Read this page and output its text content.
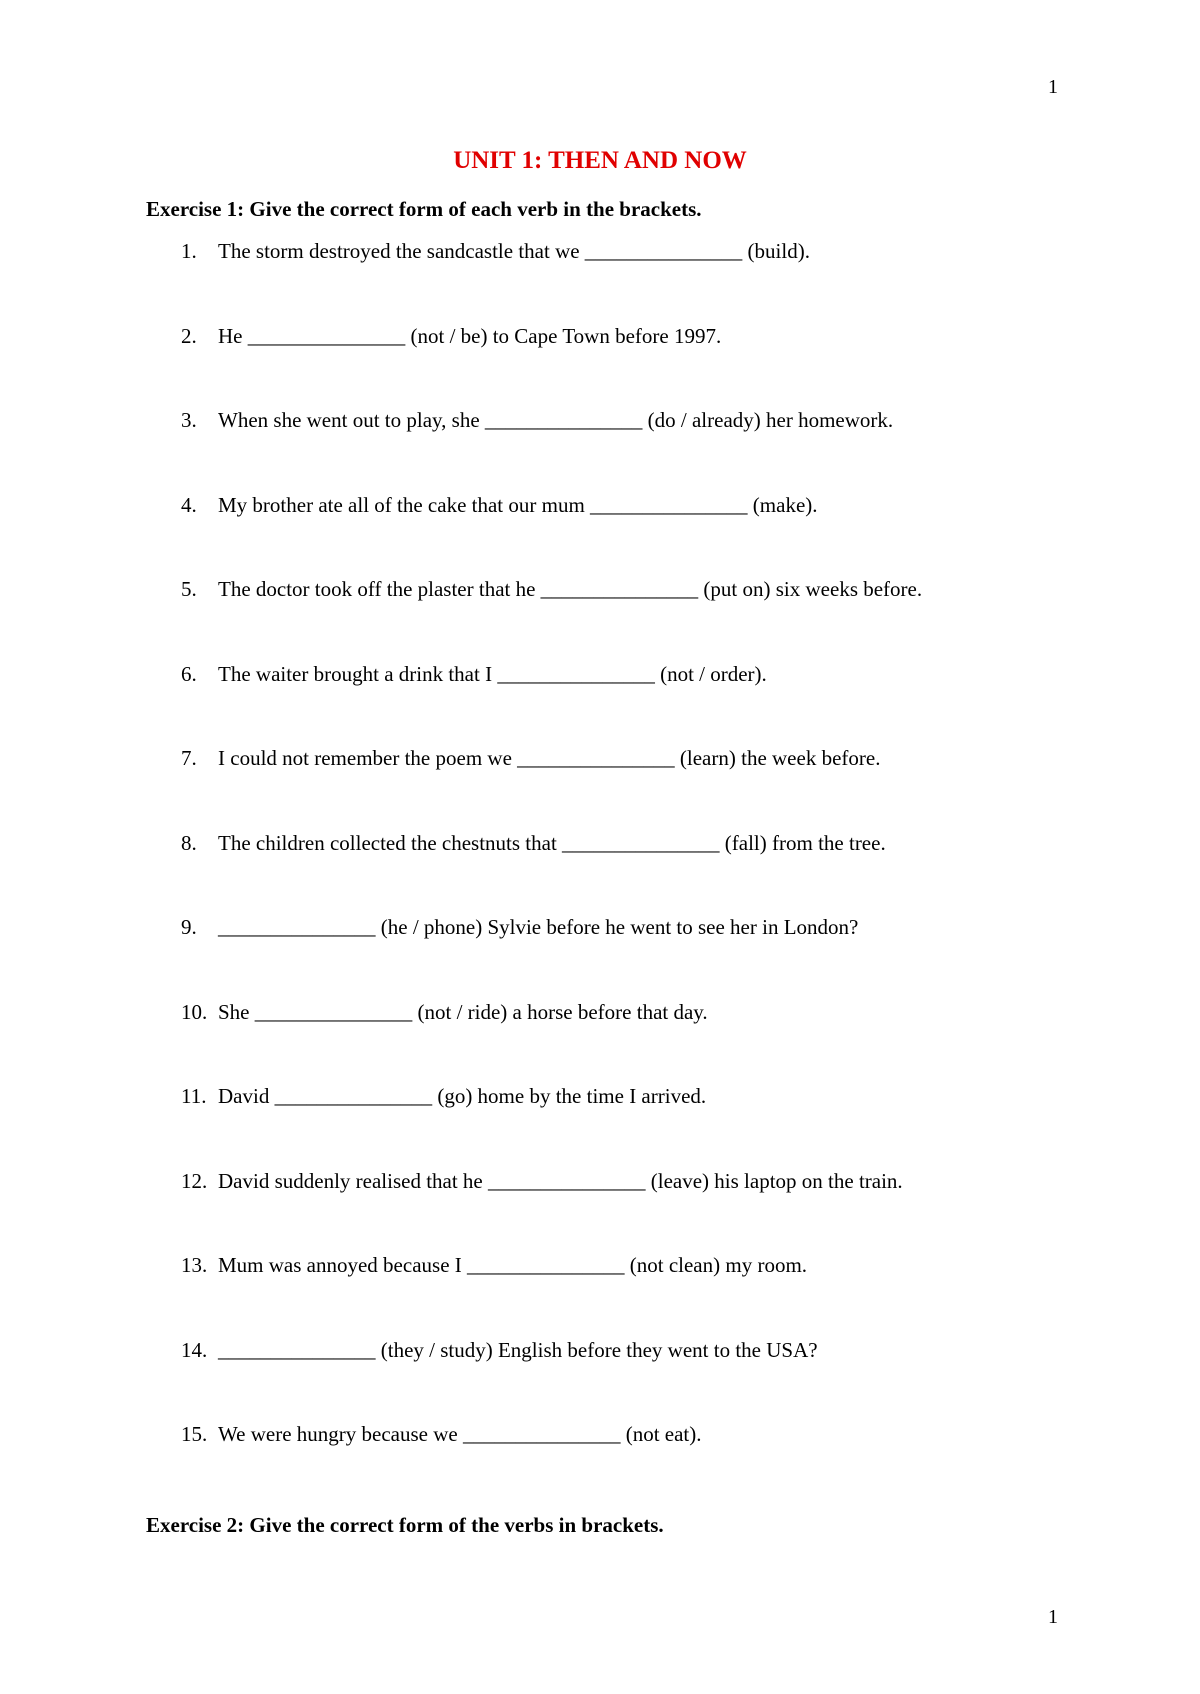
1
UNIT 1: THEN AND NOW
Exercise 1: Give the correct form of each verb in the brackets.
1. The storm destroyed the sandcastle that we _______________ (build).
2. He _______________ (not / be) to Cape Town before 1997.
3. When she went out to play, she _______________ (do / already) her homework.
4. My brother ate all of the cake that our mum _______________ (make).
5. The doctor took off the plaster that he _______________ (put on) six weeks before.
6. The waiter brought a drink that I _______________ (not / order).
7. I could not remember the poem we _______________ (learn) the week before.
8. The children collected the chestnuts that _______________ (fall) from the tree.
9. _______________ (he / phone) Sylvie before he went to see her in London?
10. She _______________ (not / ride) a horse before that day.
11. David _______________ (go) home by the time I arrived.
12. David suddenly realised that he _______________ (leave) his laptop on the train.
13. Mum was annoyed because I _______________ (not clean) my room.
14. _______________ (they / study) English before they went to the USA?
15. We were hungry because we _______________ (not eat).
Exercise 2: Give the correct form of the verbs in brackets.
1
